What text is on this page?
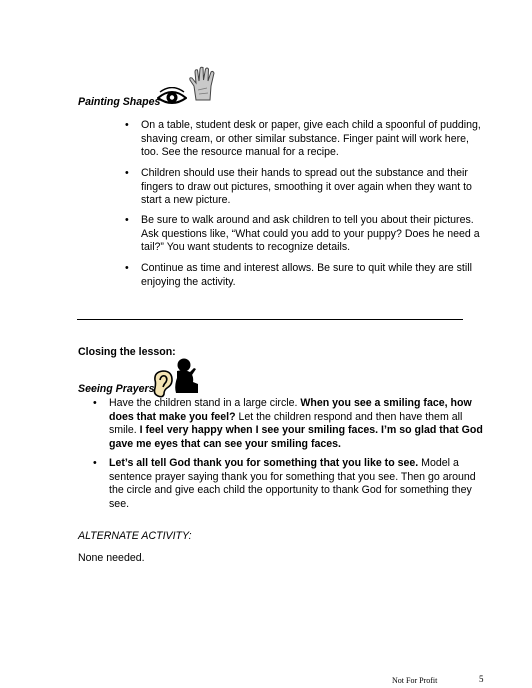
Painting Shapes
• On a table, student desk or paper, give each child a spoonful of pudding, shaving cream, or other similar substance. Finger paint will work here, too. See the resource manual for a recipe.
• Children should use their hands to spread out the substance and their fingers to draw out pictures, smoothing it over again when they want to start a new picture.
• Be sure to walk around and ask children to tell you about their pictures. Ask questions like, “What could you add to your puppy? Does he need a tail?” You want students to recognize details.
• Continue as time and interest allows. Be sure to quit while they are still enjoying the activity.
Closing the lesson:
Seeing Prayers
• Have the children stand in a large circle. When you see a smiling face, how does that make you feel? Let the children respond and then have them all smile. I feel very happy when I see your smiling faces. I’m so glad that God gave me eyes that can see your smiling faces.
• Let’s all tell God thank you for something that you like to see. Model a sentence prayer saying thank you for something that you see. Then go around the circle and give each child the opportunity to thank God for something they see.
ALTERNATE ACTIVITY:
None needed.
Not For Profit	5
